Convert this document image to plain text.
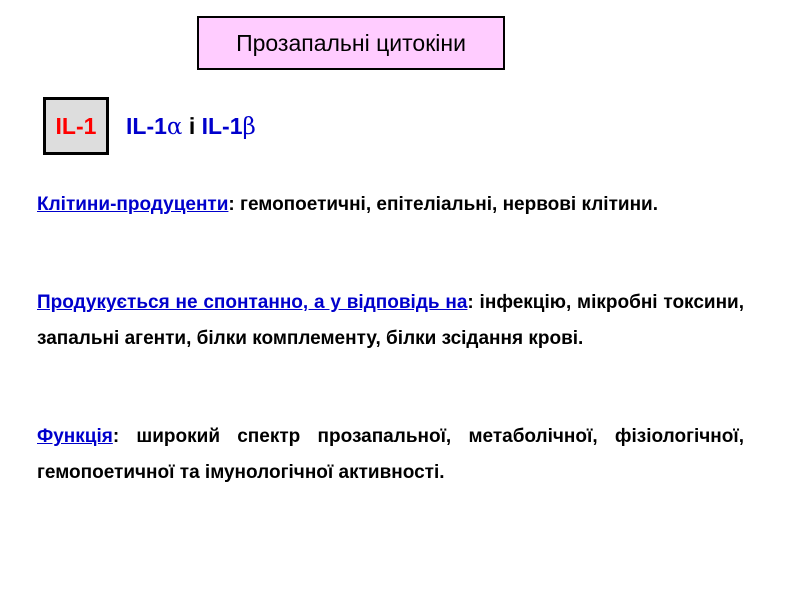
Прозапальні цитокіни
IL-1 IL-1α і IL-1β
Клітини-продуценти: гемопоетичні, епітеліальні, нервові клітини.
Продукується не спонтанно, а у відповідь на: інфекцію, мікробні токсини, запальні агенти, білки комплементу, білки зсідання крові.
Функція: широкий спектр прозапальної, метаболічної, фізіологічної, гемопоетичної та імунологічної активності.
